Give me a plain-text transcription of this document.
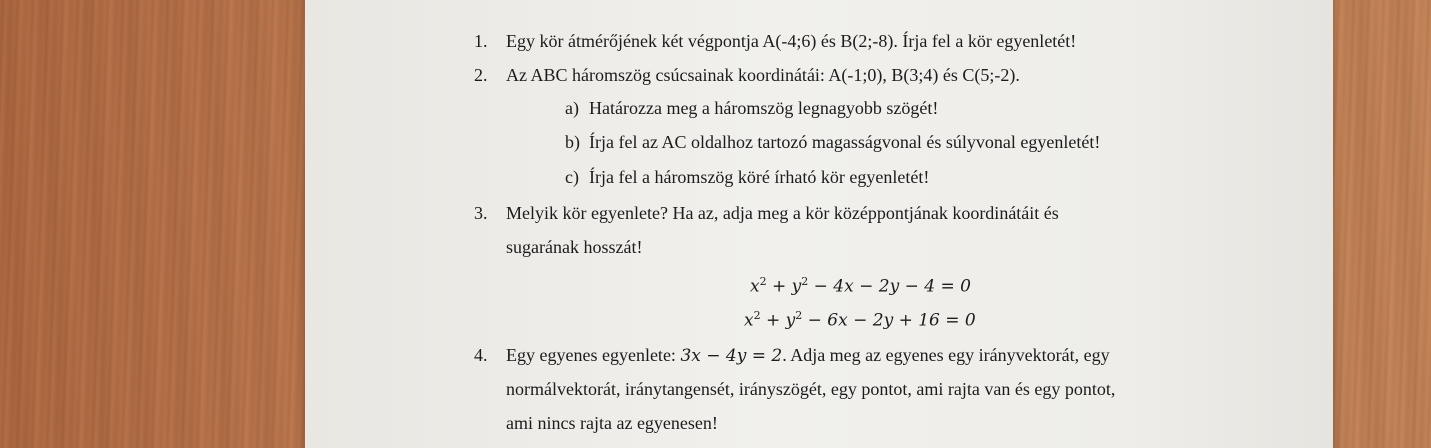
1. Egy kör átmérőjének két végpontja A(-4;6) és B(2;-8). Írja fel a kör egyenletét!
2. Az ABC háromszög csúcsainak koordinátái: A(-1;0), B(3;4) és C(5;-2).
a) Határozza meg a háromszög legnagyobb szögét!
b) Írja fel az AC oldalhoz tartozó magasságvonal és súlyvonal egyenletét!
c) Írja fel a háromszög köré írható kör egyenletét!
3. Melyik kör egyenlete? Ha az, adja meg a kör középpontjának koordinátáit és
sugarának hosszát!
$x^2 + y^2 - 4x - 2y - 4 = 0$
$x^2 + y^2 - 6x - 2y + 16 = 0$
4. Egy egyenes egyenlete: 3x − 4y = 2. Adja meg az egyenes egy irányvektorát, egy
normálvektorát, iránytangensét, irányszögét, egy pontot, ami rajta van és egy pontot,
ami nincs rajta az egyenesen!
